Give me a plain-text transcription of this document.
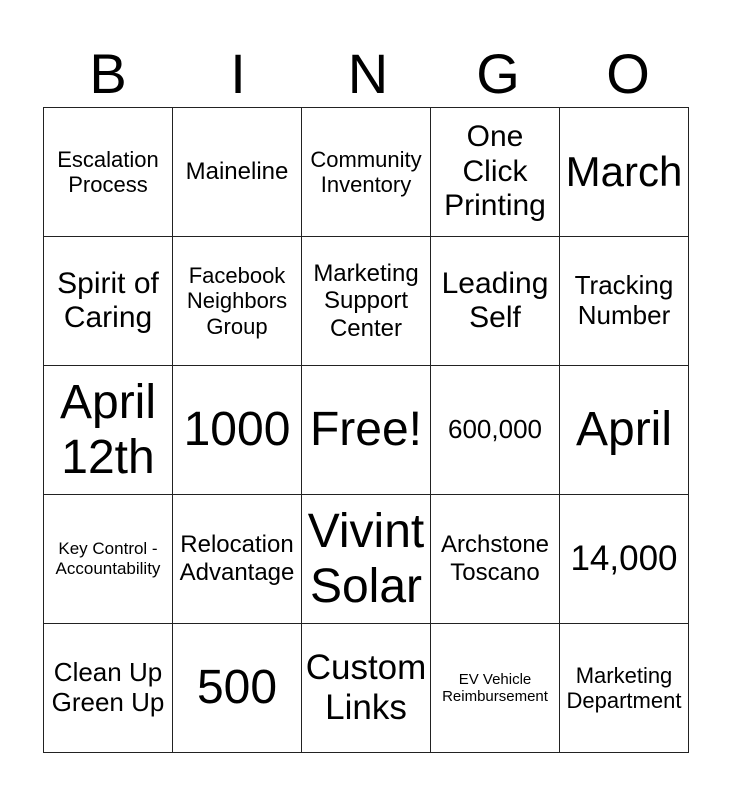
B	I	N	G	O
Escalation Process	Maineline	Community Inventory	One Click Printing	March
Spirit of Caring	Facebook Neighbors Group	Marketing Support Center	Leading Self	Tracking Number
April 12th	1000	Free!	600,000	April
Key Control - Accountability	Relocation Advantage	Vivint Solar	Archstone Toscano	14,000
Clean Up Green Up	500	Custom Links	EV Vehicle Reimbursement	Marketing Department
